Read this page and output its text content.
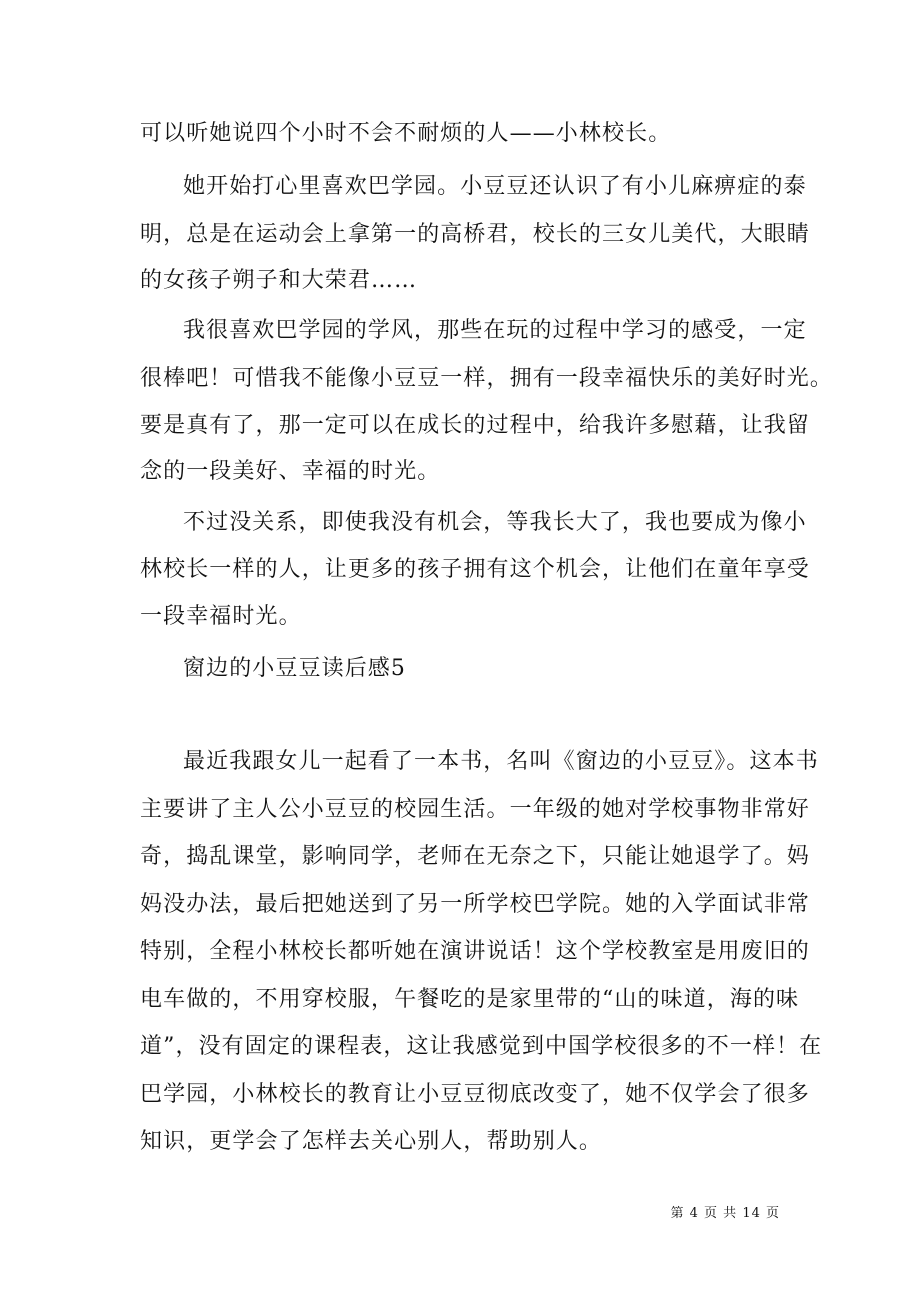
可以听她说四个小时不会不耐烦的人——小林校长。
她开始打心里喜欢巴学园。小豆豆还认识了有小儿麻痹症的泰
明，总是在运动会上拿第一的高桥君，校长的三女儿美代，大眼睛
的女孩子朔子和大荣君……
我很喜欢巴学园的学风，那些在玩的过程中学习的感受，一定
很棒吧！可惜我不能像小豆豆一样，拥有一段幸福快乐的美好时光。
要是真有了，那一定可以在成长的过程中，给我许多慰藉，让我留
念的一段美好、幸福的时光。
不过没关系，即使我没有机会，等我长大了，我也要成为像小
林校长一样的人，让更多的孩子拥有这个机会，让他们在童年享受
一段幸福时光。
窗边的小豆豆读后感5
最近我跟女儿一起看了一本书，名叫《窗边的小豆豆》。这本书
主要讲了主人公小豆豆的校园生活。一年级的她对学校事物非常好
奇，捣乱课堂，影响同学，老师在无奈之下，只能让她退学了。妈
妈没办法，最后把她送到了另一所学校巴学院。她的入学面试非常
特别，全程小林校长都听她在演讲说话！这个学校教室是用废旧的
电车做的，不用穿校服，午餐吃的是家里带的“山的味道，海的味
道”，没有固定的课程表，这让我感觉到中国学校很多的不一样！在
巴学园，小林校长的教育让小豆豆彻底改变了，她不仅学会了很多
知识，更学会了怎样去关心别人，帮助别人。
第 4 页 共 14 页
